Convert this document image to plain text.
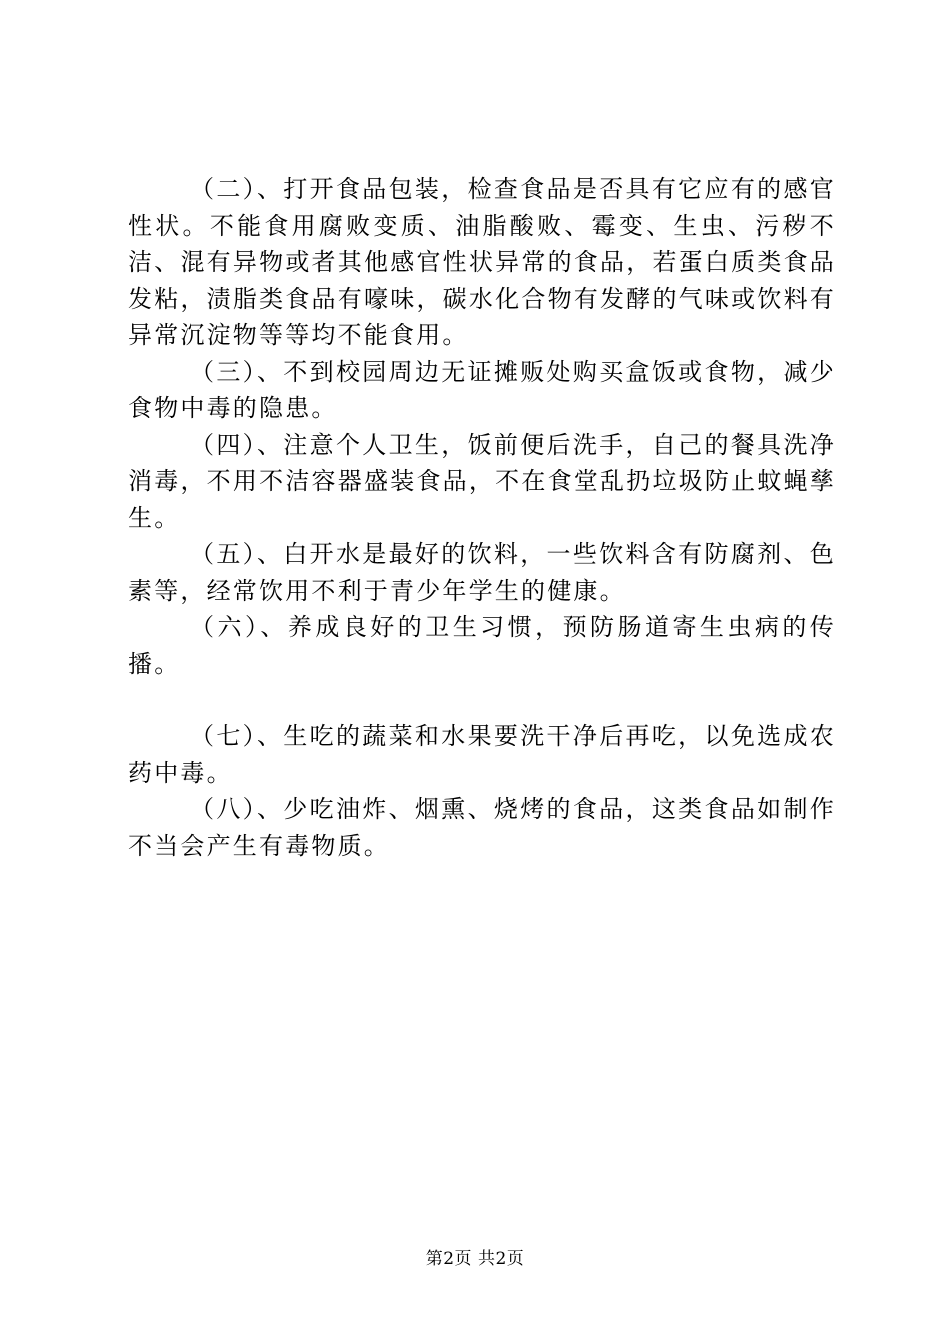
（二）、打开食品包装，检查食品是否具有它应有的感官性状。不能食用腐败变质、油脂酸败、霉变、生虫、污秽不洁、混有异物或者其他感官性状异常的食品，若蛋白质类食品发粘，渍脂类食品有嚎味，碳水化合物有发酵的气味或饮料有异常沉淀物等等均不能食用。

（三）、不到校园周边无证摊贩处购买盒饭或食物，减少食物中毒的隐患。

（四）、注意个人卫生，饭前便后洗手，自己的餐具洗净消毒，不用不洁容器盛装食品，不在食堂乱扔垃圾防止蚊蝇孳生。

（五）、白开水是最好的饮料，一些饮料含有防腐剂、色素等，经常饮用不利于青少年学生的健康。

（六）、养成良好的卫生习惯，预防肠道寄生虫病的传播。

（七）、生吃的蔬菜和水果要洗干净后再吃，以免选成农药中毒。

（八）、少吃油炸、烟熏、烧烤的食品，这类食品如制作不当会产生有毒物质。

第2页 共2页
